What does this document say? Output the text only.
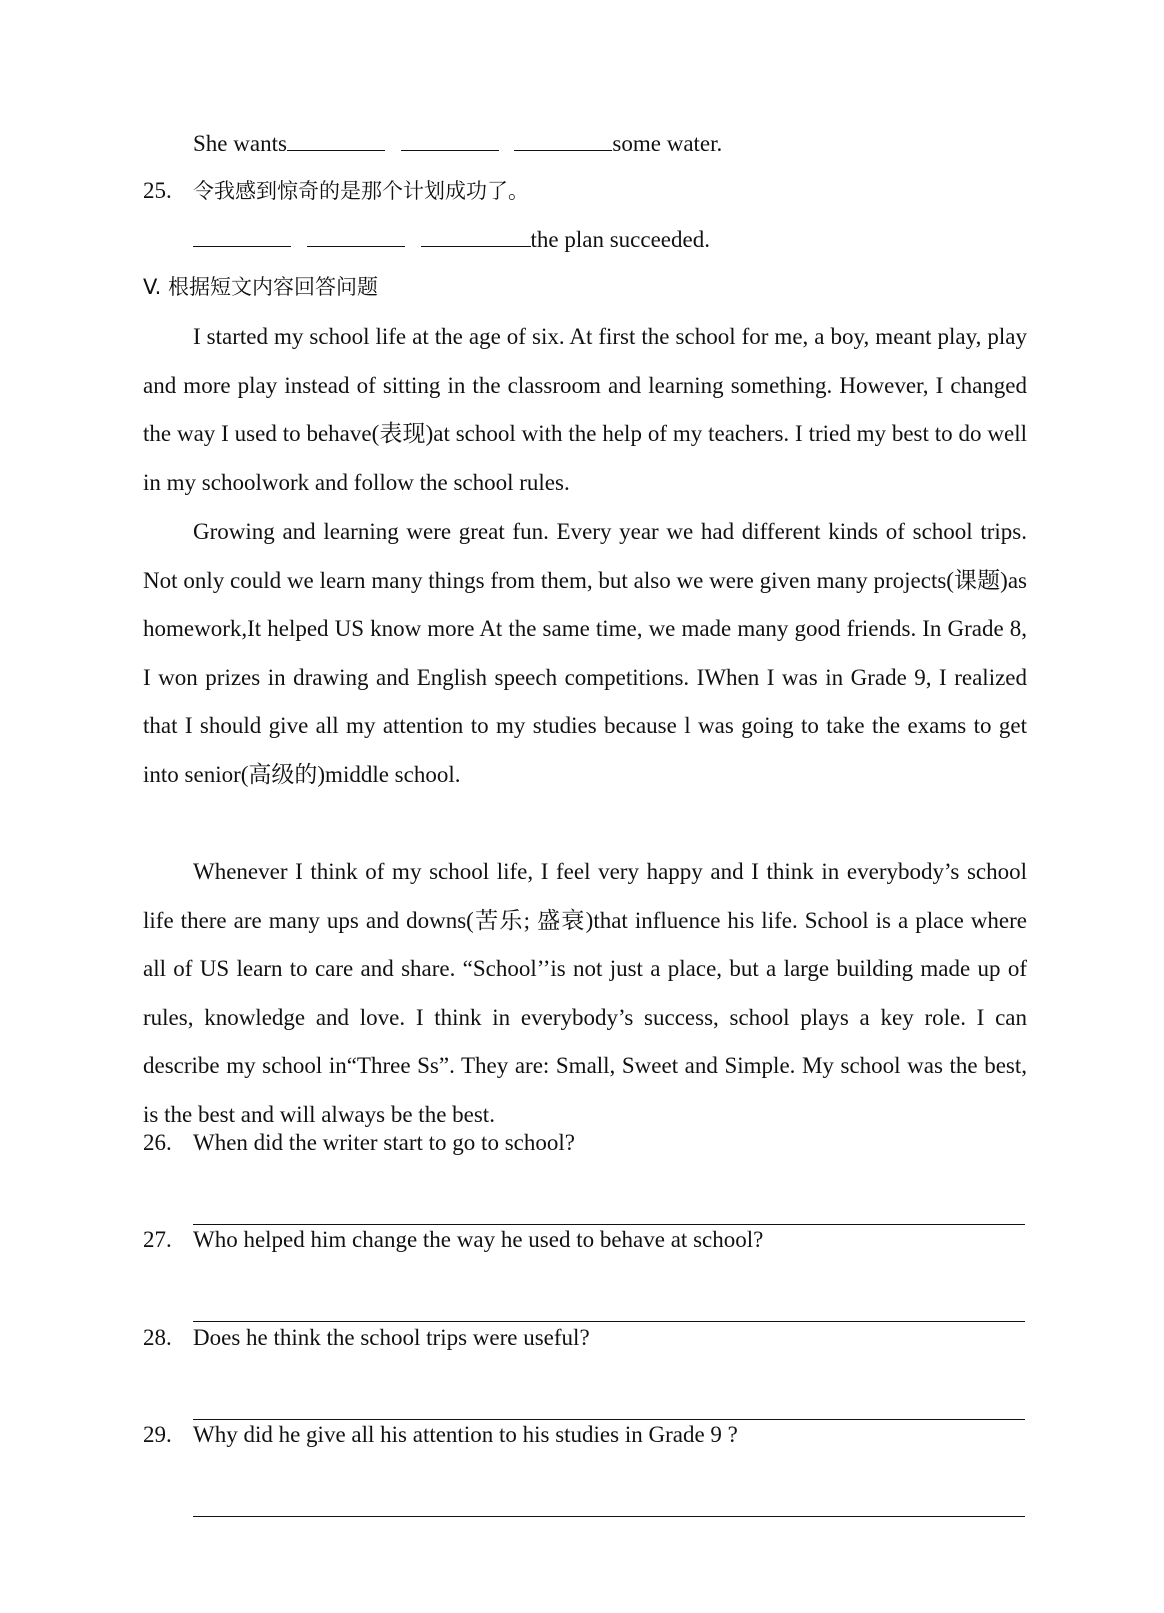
She wants	some water.
25. 令我感到惊奇的是那个计划成功了。
the plan succeeded.
V. 根据短文内容回答问题

I started my school life at the age of six. At first the school for me, a boy, meant play, play and more play instead of sitting in the classroom and learning something. However, I changed the way I used to behave(表现)at school with the help of my teachers. I tried my best to do well in my schoolwork and follow the school rules.

Growing and learning were great fun. Every year we had different kinds of school trips. Not only could we learn many things from them, but also we were given many projects(课题)as homework,It helped US know more At the same time, we made many good friends. In Grade 8, I won prizes in drawing and English speech competitions. IWhen I was in Grade 9, I realized that I should give all my attention to my studies because l was going to take the exams to get into senior(高级的)middle school.

Whenever I think of my school life, I feel very happy and I think in everybody’s school life there are many ups and downs(苦乐; 盛衰)that influence his life. School is a place where all of US learn to care and share. “School’’is not just a place, but a large building made up of rules, knowledge and love. I think in everybody’s success, school plays a key role. I can describe my school in“Three Ss”. They are: Small, Sweet and Simple. My school was the best, is the best and will always be the best.

26. When did the writer start to go to school?
27. Who helped him change the way he used to behave at school?
28. Does he think the school trips were useful?
29. Why did he give all his attention to his studies in Grade 9 ?
